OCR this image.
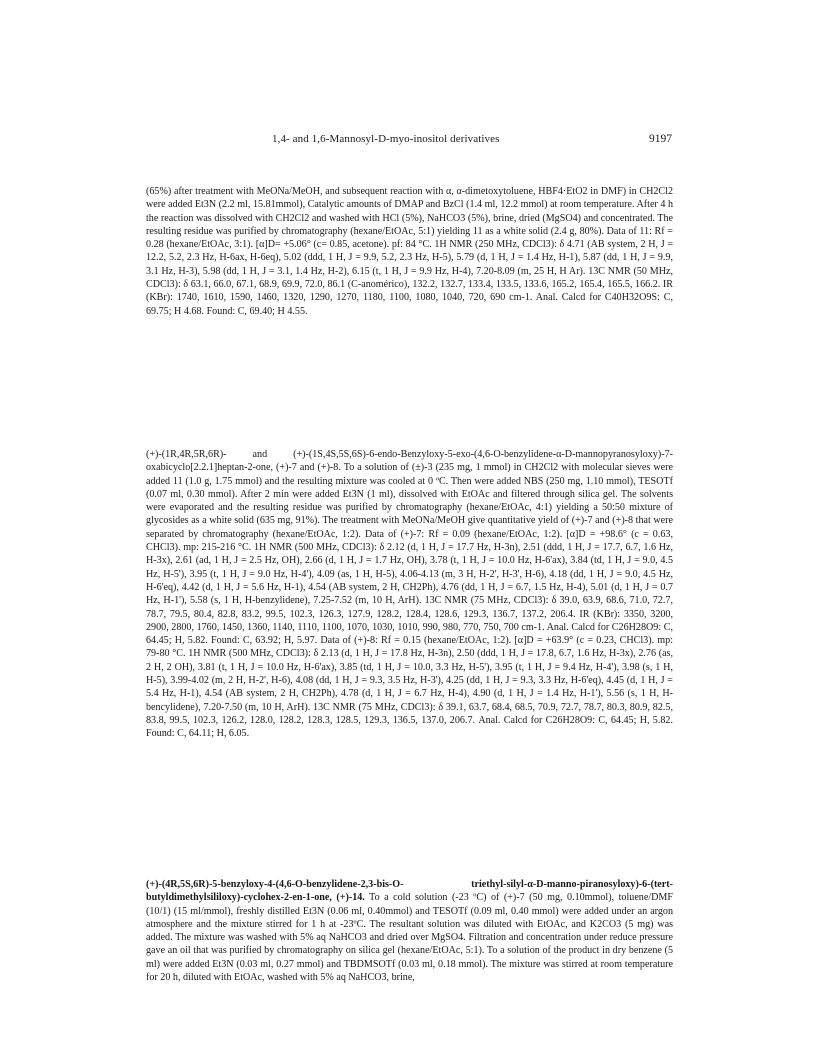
1,4- and 1,6-Mannosyl-D-myo-inositol derivatives	9197

(65%) after treatment with MeONa/MeOH, and subsequent reaction with α, α-dimetoxytoluene, HBF4·EtO2 in DMF) in CH2Cl2 were added Et3N (2.2 ml, 15.81mmol), Catalytic amounts of DMAP and BzCl (1.4 ml, 12.2 mmol) at room temperature. After 4 h the reaction was dissolved with CH2Cl2 and washed with HCl (5%), NaHCO3 (5%), brine, dried (MgSO4) and concentrated. The resulting residue was purified by chromatography (hexane/EtOAc, 5:1) yielding 11 as a white solid (2.4 g, 80%). Data of 11: Rf = 0.28 (hexane/EtOAc, 3:1). [α]D= +5.06° (c= 0.85, acetone). pf: 84 °C. 1H NMR (250 MHz, CDCl3): δ 4.71 (AB system, 2 H, J = 12.2, 5.2, 2.3 Hz, H-6ax, H-6eq), 5.02 (ddd, 1 H, J = 9.9, 5.2, 2.3 Hz, H-5), 5.79 (d, 1 H, J = 1.4 Hz, H-1), 5.87 (dd, 1 H, J = 9.9, 3.1 Hz, H-3), 5.98 (dd, 1 H, J = 3.1, 1.4 Hz, H-2), 6.15 (t, 1 H, J = 9.9 Hz, H-4), 7.20-8.09 (m, 25 H, H Ar). 13C NMR (50 MHz, CDCl3): δ 63.1, 66.0, 67.1, 68.9, 69.9, 72.0, 86.1 (C-anomérico), 132.2, 132.7, 133.4, 133.5, 133.6, 165.2, 165.4, 165.5, 166.2. IR (KBr): 1740, 1610, 1590, 1460, 1320, 1290, 1270, 1180, 1100, 1080, 1040, 720, 690 cm-1. Anal. Calcd for C40H32O9S: C, 69.75; H 4.68. Found: C, 69.40; H 4.55.

(+)-(1R,4R,5R,6R)- and (+)-(1S,4S,5S,6S)-6-endo-Benzyloxy-5-exo-(4,6-O-benzylidene-α-D-mannopyranosyloxy)-7-oxabicyclo[2.2.1]heptan-2-one, (+)-7 and (+)-8. To a solution of (±)-3 (235 mg, 1 mmol) in CH2Cl2 with molecular sieves were added 11 (1.0 g, 1.75 mmol) and the resulting mixture was cooled at 0 ºC. Then were added NBS (250 mg, 1.10 mmol), TESOTf (0.07 ml, 0.30 mmol). After 2 min were added Et3N (1 ml), dissolved with EtOAc and filtered through silica gel. The solvents were evaporated and the resulting residue was purified by chromatography (hexane/EtOAc, 4:1) yielding a 50:50 mixture of glycosides as a white solid (635 mg, 91%). The treatment with MeONa/MeOH give quantitative yield of (+)-7 and (+)-8 that were separated by chromatography (hexane/EtOAc, 1:2). Data of (+)-7: Rf = 0.09 (hexane/EtOAc, 1:2). [α]D = +98.6° (c = 0.63, CHCl3). mp: 215-216 °C. 1H NMR (500 MHz, CDCl3): δ 2.12 (d, 1 H, J = 17.7 Hz, H-3n), 2.51 (ddd, 1 H, J = 17.7, 6.7, 1.6 Hz, H-3x), 2.61 (ad, 1 H, J = 2.5 Hz, OH), 2.66 (d, 1 H, J = 1.7 Hz, OH), 3.78 (t, 1 H, J = 10.0 Hz, H-6'ax), 3.84 (td, 1 H, J = 9.0, 4.5 Hz, H-5'), 3.95 (t, 1 H, J = 9.0 Hz, H-4'), 4.09 (as, 1 H, H-5), 4.06-4.13 (m, 3 H, H-2', H-3', H-6), 4.18 (dd, 1 H, J = 9.0, 4.5 Hz, H-6'eq), 4.42 (d, 1 H, J = 5.6 Hz, H-1), 4.54 (AB system, 2 H, CH2Ph), 4.76 (dd, 1 H, J = 6.7, 1.5 Hz, H-4), 5.01 (d, 1 H, J = 0.7 Hz, H-1'), 5.58 (s, 1 H, H-benzylidene), 7.25-7.52 (m, 10 H, ArH). 13C NMR (75 MHz, CDCl3): δ 39.0, 63.9, 68.6, 71.0, 72.7, 78.7, 79.5, 80.4, 82.8, 83.2, 99.5, 102.3, 126.3, 127.9, 128.2, 128.4, 128.6, 129.3, 136.7, 137.2, 206.4. IR (KBr): 3350, 3200, 2900, 2800, 1760, 1450, 1360, 1140, 1110, 1100, 1070, 1030, 1010, 990, 980, 770, 750, 700 cm-1. Anal. Calcd for C26H28O9: C, 64.45; H, 5.82. Found: C, 63.92; H, 5.97. Data of (+)-8: Rf = 0.15 (hexane/EtOAc, 1:2). [α]D = +63.9° (c = 0.23, CHCl3). mp: 79-80 °C. 1H NMR (500 MHz, CDCl3): δ 2.13 (d, 1 H, J = 17.8 Hz, H-3n), 2.50 (ddd, 1 H, J = 17.8, 6.7, 1.6 Hz, H-3x), 2.76 (as, 2 H, 2 OH), 3.81 (t, 1 H, J = 10.0 Hz, H-6'ax), 3.85 (td, 1 H, J = 10.0, 3.3 Hz, H-5'), 3.95 (t, 1 H, J = 9.4 Hz, H-4'), 3.98 (s, 1 H, H-5), 3.99-4.02 (m, 2 H, H-2', H-6), 4.08 (dd, 1 H, J = 9.3, 3.5 Hz, H-3'), 4.25 (dd, 1 H, J = 9.3, 3.3 Hz, H-6'eq), 4.45 (d, 1 H, J = 5.4 Hz, H-1), 4.54 (AB system, 2 H, CH2Ph), 4.78 (d, 1 H, J = 6.7 Hz, H-4), 4.90 (d, 1 H, J = 1.4 Hz, H-1'), 5.56 (s, 1 H, H-bencylidene), 7.20-7.50 (m, 10 H, ArH). 13C NMR (75 MHz, CDCl3): δ 39.1, 63.7, 68.4, 68.5, 70.9, 72.7, 78.7, 80.3, 80.9, 82.5, 83.8, 99.5, 102.3, 126.2, 128.0, 128.2, 128.3, 128.5, 129.3, 136.5, 137.0, 206.7. Anal. Calcd for C26H28O9: C, 64.45; H, 5.82. Found: C, 64.11; H, 6.05.

(+)-(4R,5S,6R)-5-benzyloxy-4-(4,6-O-benzylidene-2,3-bis-O- triethyl-silyl-α-D-manno-piranosyloxy)-6-(tert-butyldimethylsililoxy)-cyclohex-2-en-1-one, (+)-14. To a cold solution (-23 ºC) of (+)-7 (50 mg, 0.10mmol), toluene/DMF (10/1) (15 ml/mmol), freshly distilled Et3N (0.06 ml, 0.40mmol) and TESOTf (0.09 ml, 0.40 mmol) were added under an argon atmosphere and the mixture stirred for 1 h at -23ºC. The resultant solution was diluted with EtOAc, and K2CO3 (5 mg) was added. The mixture was washed with 5% aq NaHCO3 and dried over MgSO4. Filtration and concentration under reduce pressure gave an oil that was purified by chromatography on silica gel (hexane/EtOAc, 5:1). To a solution of the product in dry benzene (5 ml) were added Et3N (0.03 ml, 0.27 mmol) and TBDMSOTf (0.03 ml, 0.18 mmol). The mixture was stirred at room temperature for 20 h, diluted with EtOAc, washed with 5% aq NaHCO3, brine,
